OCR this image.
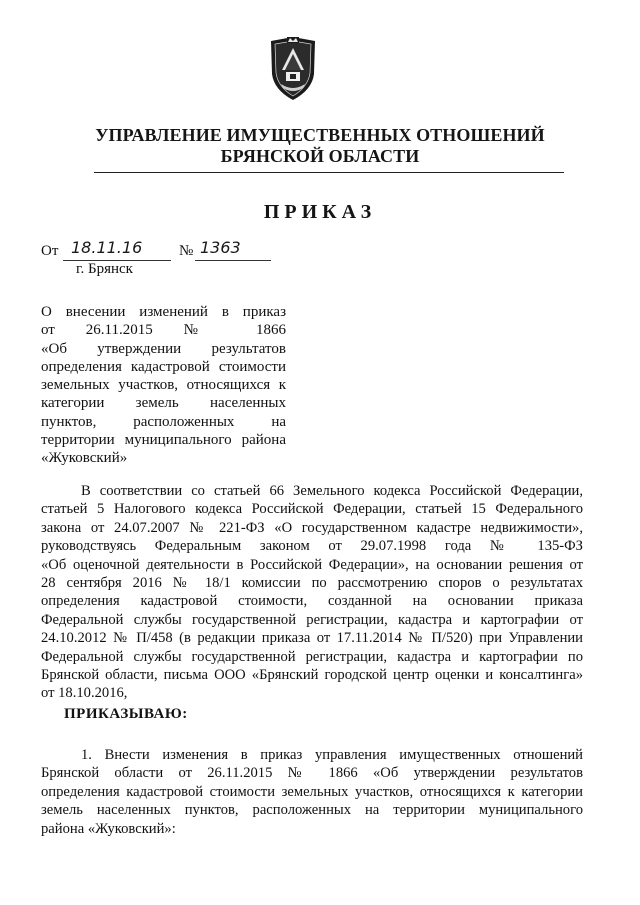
УПРАВЛЕНИЕ ИМУЩЕСТВЕННЫХ ОТНОШЕНИЙ
БРЯНСКОЙ ОБЛАСТИ
ПРИКАЗ
От 18.11.16 № 1363
г. Брянск
О внесении изменений в приказ
от 26.11.2015 № 1866
«Об утверждении результатов
определения кадастровой стоимости
земельных участков, относящихся к
категории земель населенных
пунктов, расположенных на
территории муниципального района
«Жуковский»
В соответствии со статьей 66 Земельного кодекса Российской Федерации,
статьей 5 Налогового кодекса Российской Федерации, статьей 15 Федерального
закона от 24.07.2007 № 221-ФЗ «О государственном кадастре недвижимости»,
руководствуясь Федеральным законом от 29.07.1998 года № 135-ФЗ
«Об оценочной деятельности в Российской Федерации», на основании решения от
28 сентября 2016 № 18/1 комиссии по рассмотрению споров о результатах
определения кадастровой стоимости, созданной на основании приказа
Федеральной службы государственной регистрации, кадастра и картографии от
24.10.2012 № П/458 (в редакции приказа от 17.11.2014 № П/520) при Управлении
Федеральной службы государственной регистрации, кадастра и картографии по
Брянской области, письма ООО «Брянский городской центр оценки и консалтинга»
от 18.10.2016,
ПРИКАЗЫВАЮ:
1. Внести изменения в приказ управления имущественных отношений
Брянской области от 26.11.2015 № 1866 «Об утверждении результатов
определения кадастровой стоимости земельных участков, относящихся к категории
земель населенных пунктов, расположенных на территории муниципального
района «Жуковский»:
